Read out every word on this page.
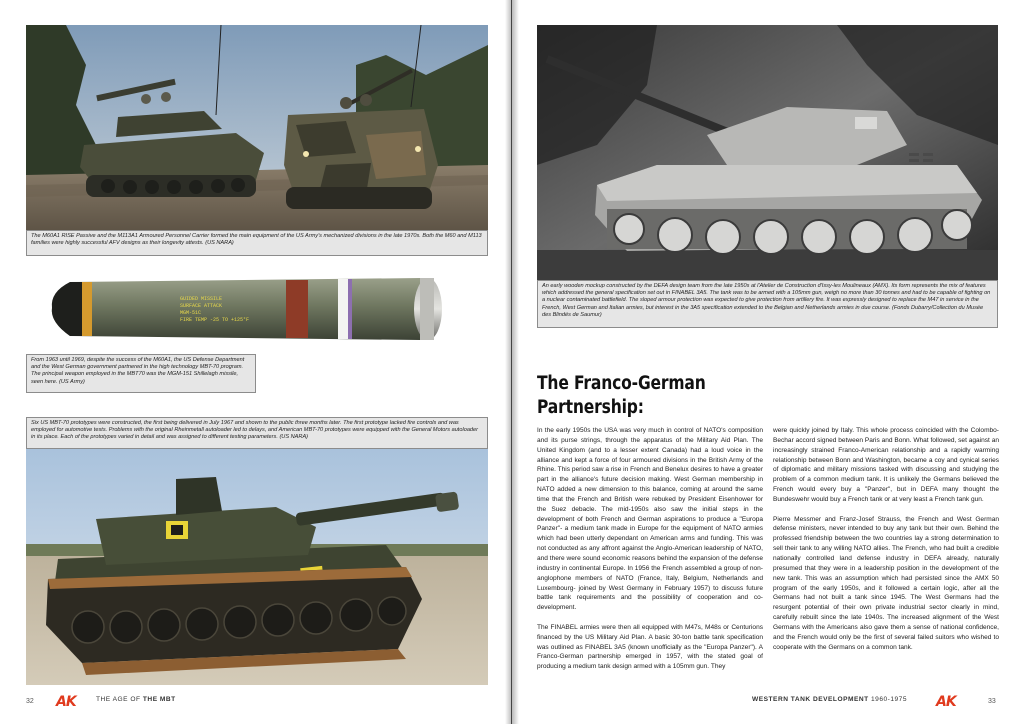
The M60A1 RISE Passive and the M113A1 Armoured Personnel Carrier formed the main equipment of the US Army's mechanized divisions in the late 1970s. Both the M60 and M113 families were highly successful AFV designs as their longevity attests. (US NARA)
GUIDED MISSILE
SURFACE ATTACK
MGM-51C
FIRE TEMP -25 TO +125°F
From 1963 until 1969, despite the success of the M60A1, the US Defense Department and the West German government partnered in the high technology MBT-70 program. The principal weapon employed in the MBT70 was the MGM-151 Shillelagh missile, seen here. (US Army)
Six US MBT-70 prototypes were constructed, the first being delivered in July 1967 and shown to the public three months later. The first prototype lacked fire controls and was employed for automotive tests. Problems with the original Rheinmetall autoloader led to delays, and American MBT-70 prototypes were equipped with the General Motors autoloader in its place. Each of the prototypes varied in detail and was assigned to different testing parameters. (US NARA)
32 AK	THE AGE OF THE MBT
An early wooden mockup constructed by the DEFA design team from the late 1950s at l'Atelier de Construction d'Issy-les Moulineaux (AMX). Its form represents the mix of features which addressed the general specification set out in FINABEL 3A5. The tank was to be armed with a 105mm gun, weigh no more than 30 tonnes and had to be capable of fighting on a nuclear contaminated battlefield. The sloped armour protection was expected to give protection from artillery fire. It was expressly designed to replace the M47 in service in the French, West German and Italian armies, but interest in the 3A5 specification extended to the Belgian and Netherlands armies in due course. (Fonds Dubarry/Collection du Musée des Blindés de Saumur)
The Franco-German Partnership:

In the early 1950s the USA was very much in control of NATO's composition and its purse strings, through the apparatus of the Military Aid Plan. The United Kingdom (and to a lesser extent Canada) had a loud voice in the alliance and kept a force of four armoured divisions in the British Army of the Rhine. This period saw a rise in French and Benelux desires to have a greater part in the alliance's future decision making. West German membership in NATO added a new dimension to this balance, coming at around the same time that the French and British were rebuked by President Eisenhower for the Suez debacle. The mid-1950s also saw the initial steps in the development of both French and German aspirations to produce a "Europa Panzer"- a medium tank made in Europe for the equipment of NATO armies which had been utterly dependant on American arms and funding. This was not conducted as any affront against the Anglo-American leadership of NATO, and there were sound economic reasons behind the expansion of the defense industry in continental Europe. In 1956 the French assembled a group of non-anglophone members of NATO (France, Italy, Belgium, Netherlands and Luxembourg- joined by West Germany in February 1957) to discuss future battle tank requirements and the possibility of cooperation and co-development.

The FINABEL armies were then all equipped with M47s, M48s or Centurions financed by the US Military Aid Plan. A basic 30-ton battle tank specification was outlined as FINABEL 3A5 (known unofficially as the "Europa Panzer"). A Franco-German partnership emerged in 1957, with the stated goal of producing a medium tank design armed with a 105mm gun. They

were quickly joined by Italy. This whole process coincided with the Colombo-Bechar accord signed between Paris and Bonn. What followed, set against an increasingly strained Franco-American relationship and a rapidly warming relationship between Bonn and Washington, became a coy and cynical series of diplomatic and military missions tasked with discussing and studying the problem of a common medium tank. It is unlikely the Germans believed the French would every buy a "Panzer", but in DEFA many thought the Bundeswehr would buy a French tank or at very least a French tank gun.

Pierre Messmer and Franz-Josef Strauss, the French and West German defense ministers, never intended to buy any tank but their own. Behind the professed friendship between the two countries lay a strong determination to sell their tank to any willing NATO allies. The French, who had built a credible nationally controlled land defense industry in DEFA already, naturally presumed that they were in a leadership position in the development of the new tank. This was an assumption which had persisted since the AMX 50 program of the early 1950s, and it followed a certain logic, after all the Germans had not built a tank since 1945. The West Germans had the resurgent potential of their own private industrial sector clearly in mind, carefully rebuilt since the late 1940s. The increased alignment of the West Germans with the Americans also gave them a sense of national confidence, and the French would only be the first of several failed suitors who wished to cooperate with the Germans on a common tank.

WESTERN TANK DEVELOPMENT 1960-1975 AK	33
